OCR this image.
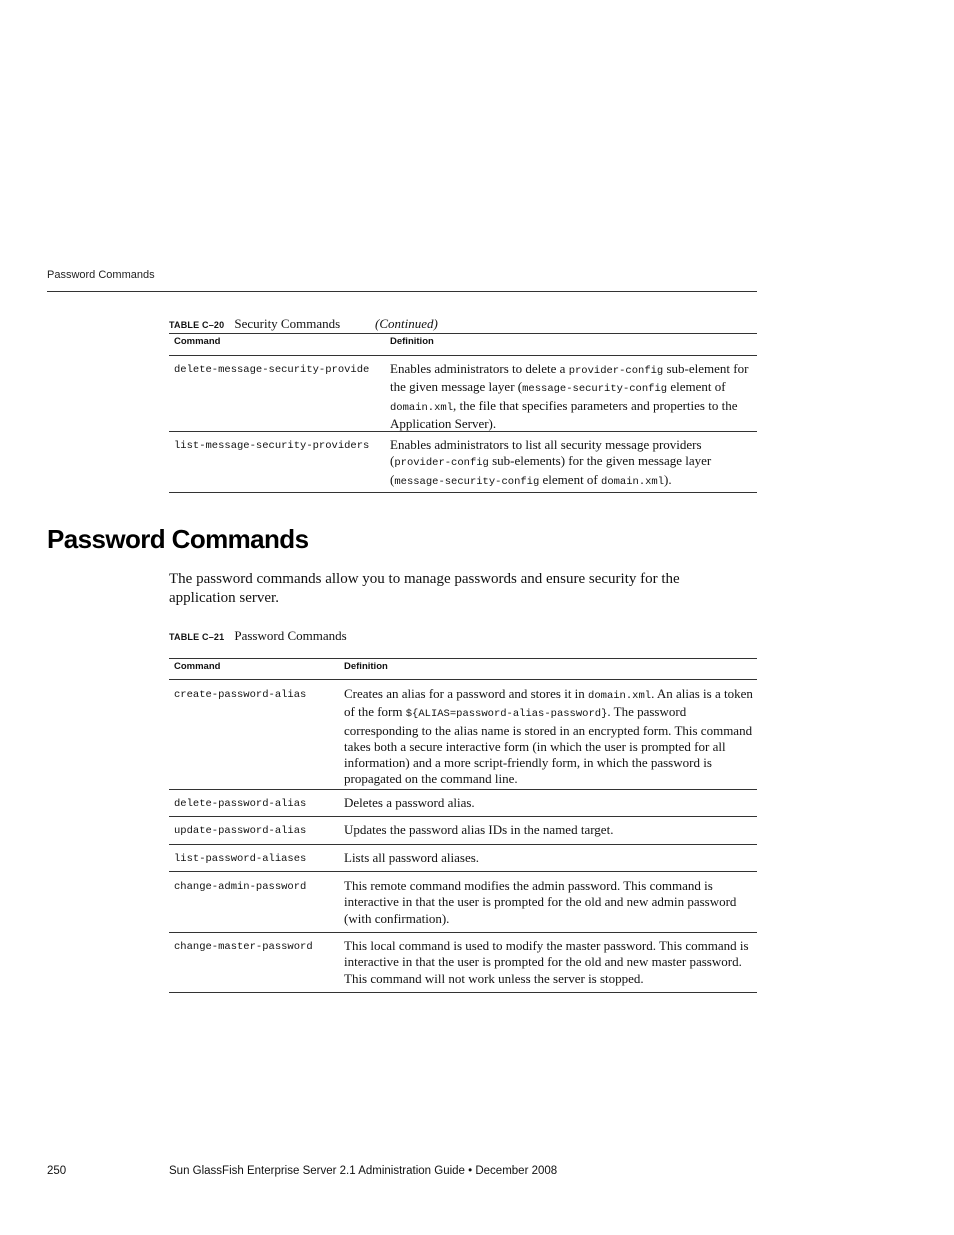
Password Commands
TABLE C–20 Security Commands	(Continued)
Command	Definition
delete-message-security-provide Enables administrators to delete a provider-config sub-element for the given message layer (message-security-config element of domain.xml, the file that specifies parameters and properties to the Application Server).
list-message-security-providers Enables administrators to list all security message providers (provider-config sub-elements) for the given message layer (message-security-config element of domain.xml).
Password Commands
The password commands allow you to manage passwords and ensure security for the application server.
TABLE C–21 Password Commands
Command	Definition
create-password-alias	Creates an alias for a password and stores it in domain.xml. An alias is a token of the form ${ALIAS=password-alias-password}. The password corresponding to the alias name is stored in an encrypted form. This command takes both a secure interactive form (in which the user is prompted for all information) and a more script-friendly form, in which the password is propagated on the command line.
delete-password-alias	Deletes a password alias.
update-password-alias	Updates the password alias IDs in the named target.
list-password-aliases	Lists all password aliases.
change-admin-password	This remote command modifies the admin password. This command is interactive in that the user is prompted for the old and new admin password (with confirmation).
change-master-password This local command is used to modify the master password. This command is interactive in that the user is prompted for the old and new master password. This command will not work unless the server is stopped.
250	Sun GlassFish Enterprise Server 2.1 Administration Guide • December 2008
